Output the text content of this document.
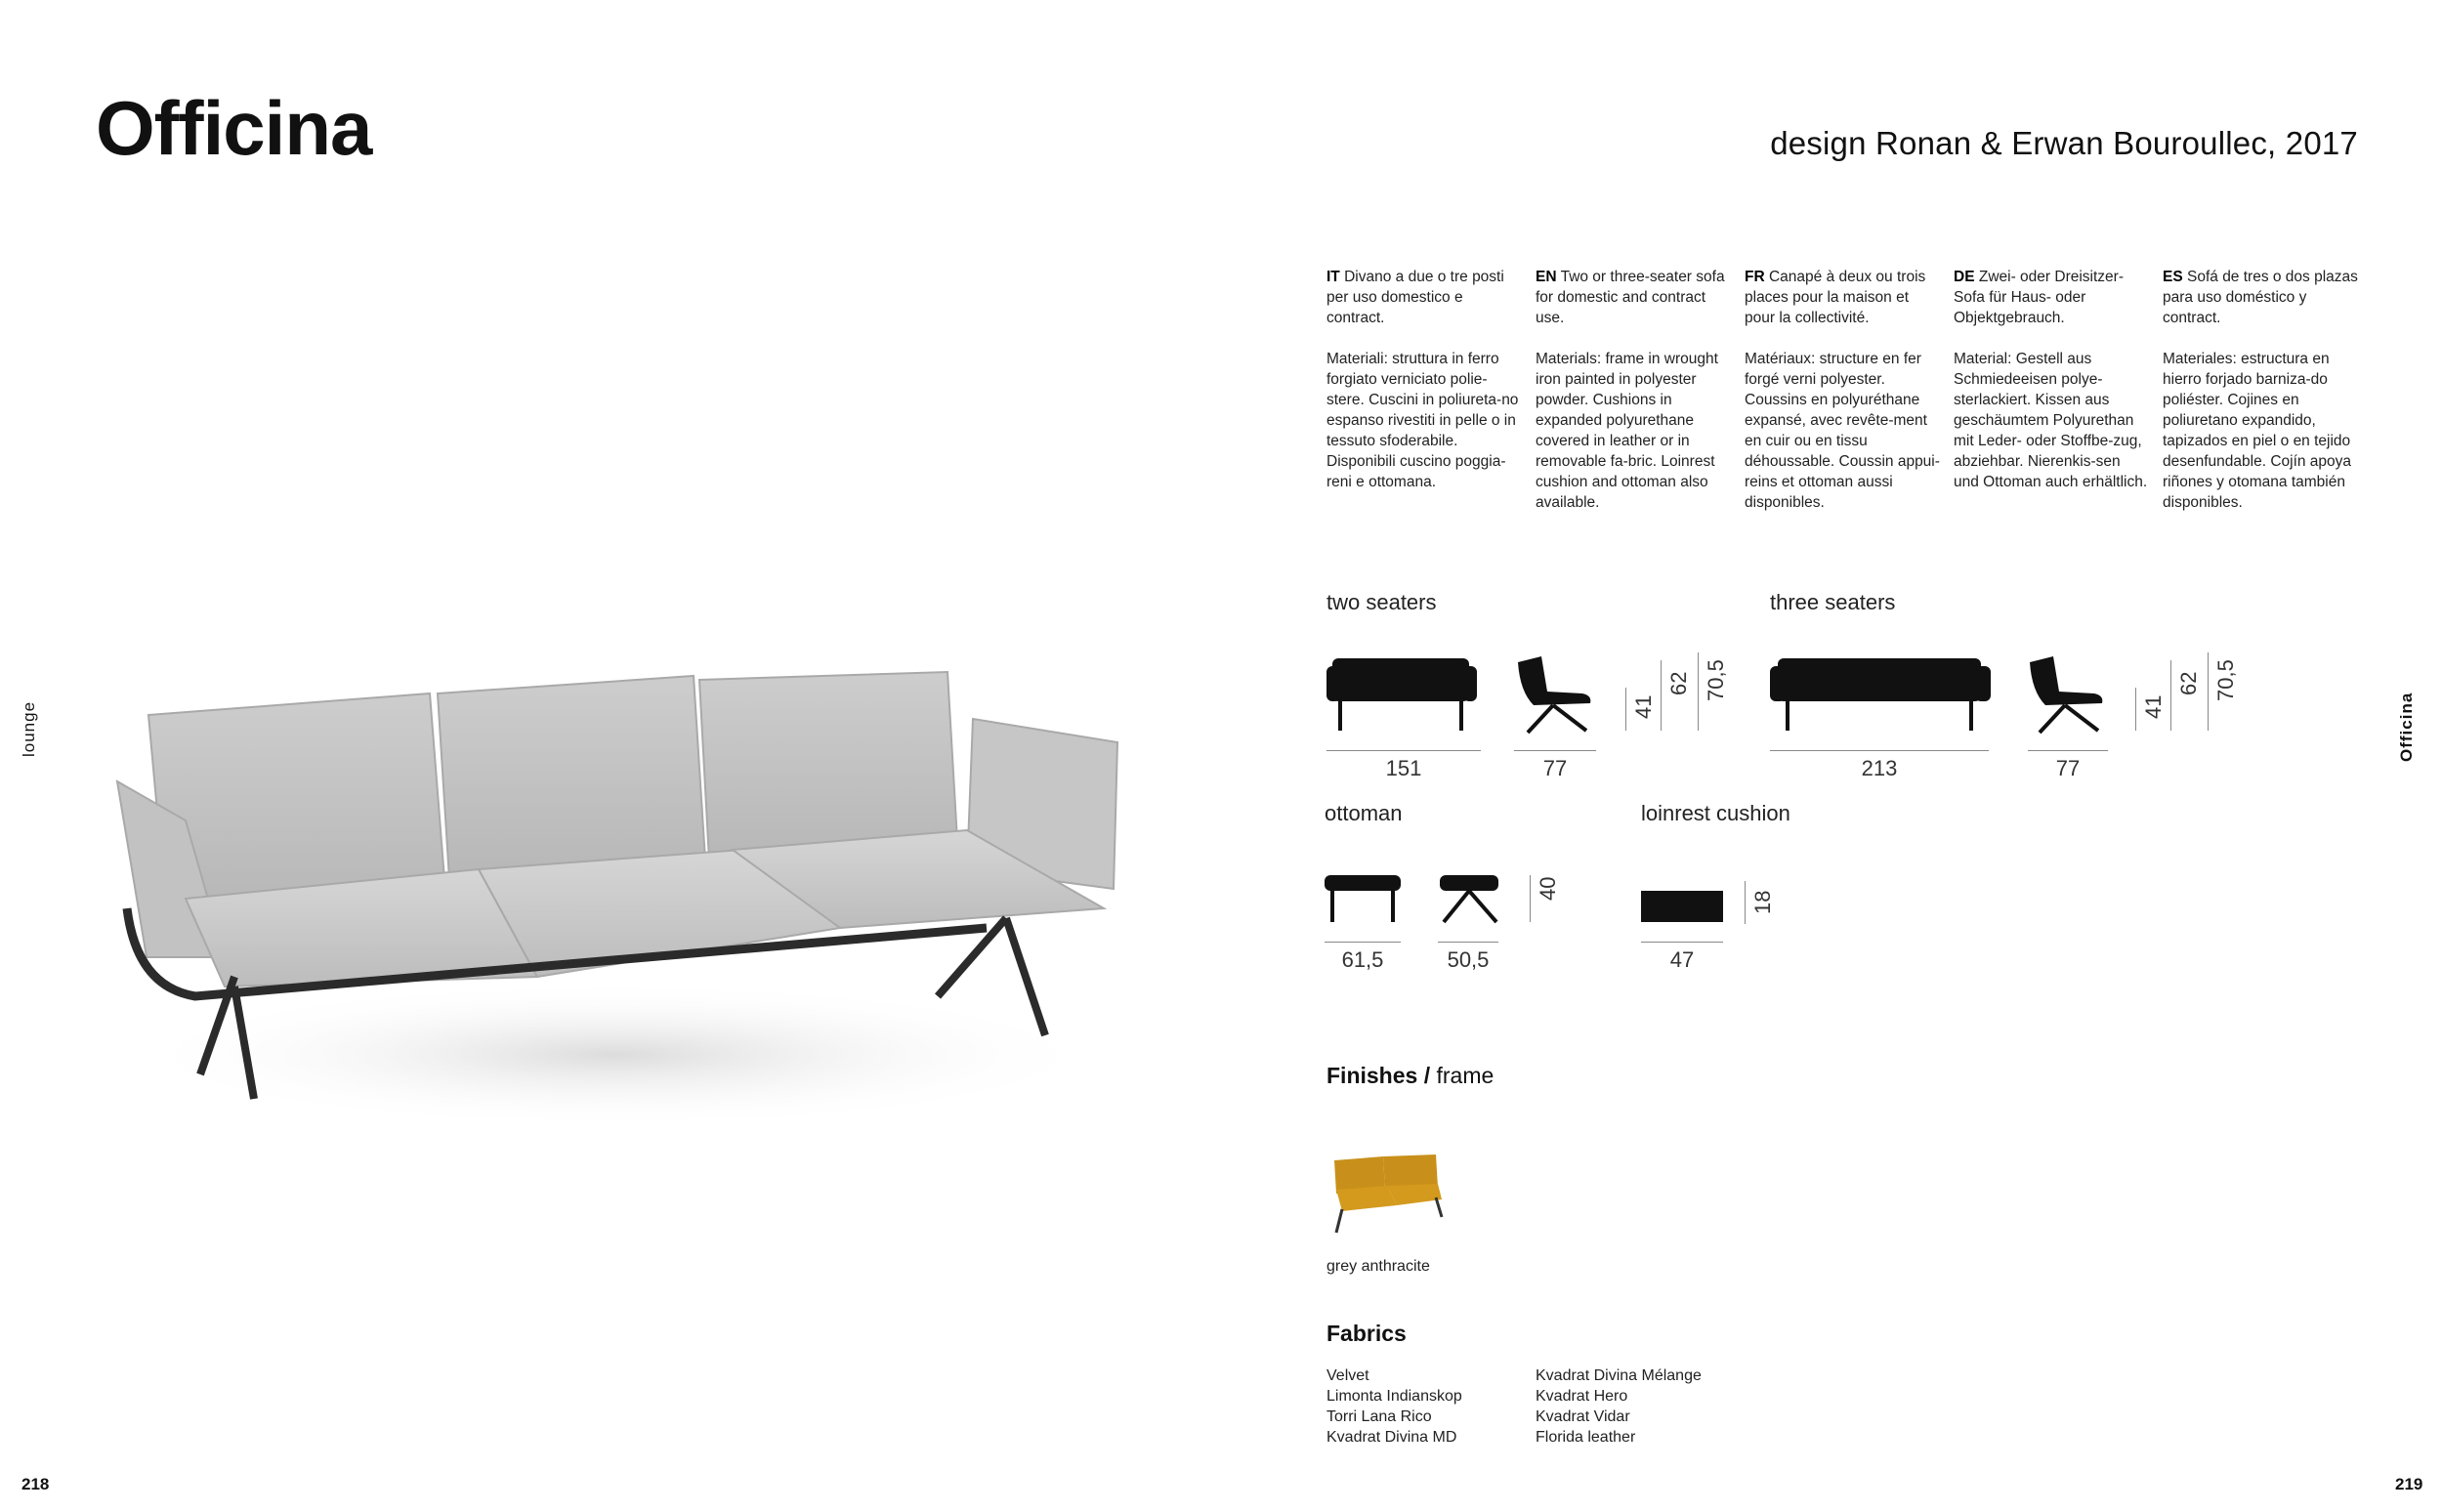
Officina	design Ronan & Erwan Bouroullec, 2017
lounge	Officina
218	219

IT Divano a due o tre posti per uso domestico e contract.

Materiali: struttura in ferro forgiato verniciato polie-stere. Cuscini in poliureta-no espanso rivestiti in pelle o in tessuto sfoderabile. Disponibili cuscino poggia-reni e ottomana.

EN Two or three-seater sofa for domestic and contract use.

Materials: frame in wrought iron painted in polyester powder. Cushions in expanded polyurethane covered in leather or in removable fa-bric. Loinrest cushion and ottoman also available.

FR Canapé à deux ou trois places pour la maison et pour la collectivité.

Matériaux: structure en fer forgé verni polyester. Coussins en polyuréthane expansé, avec revête-ment en cuir ou en tissu déhoussable. Coussin appui-reins et ottoman aussi disponibles.

DE Zwei- oder Dreisitzer-Sofa für Haus- oder Objektgebrauch.

Material: Gestell aus Schmiedeeisen polye-sterlackiert. Kissen aus geschäumtem Polyurethan mit Leder- oder Stoffbe-zug, abziehbar. Nierenkis-sen und Ottoman auch erhältlich.

ES Sofá de tres o dos plazas para uso doméstico y contract.

Materiales: estructura en hierro forjado barniza-do poliéster. Cojines en poliuretano expandido, tapizados en piel o en tejido desenfundable. Cojín apoya riñones y otomana también disponibles.

two seaters
151	77
41
62 70,5
three seaters
213	77
41
62 70,5
ottoman
61,5	50,5
40
loinrest cushion
47
18
Finishes / frame
grey anthracite
Fabrics
Velvet
Limonta Indianskop
Torri Lana Rico
Kvadrat Divina MD
Kvadrat Divina Mélange
Kvadrat Hero
Kvadrat Vidar
Florida leather
